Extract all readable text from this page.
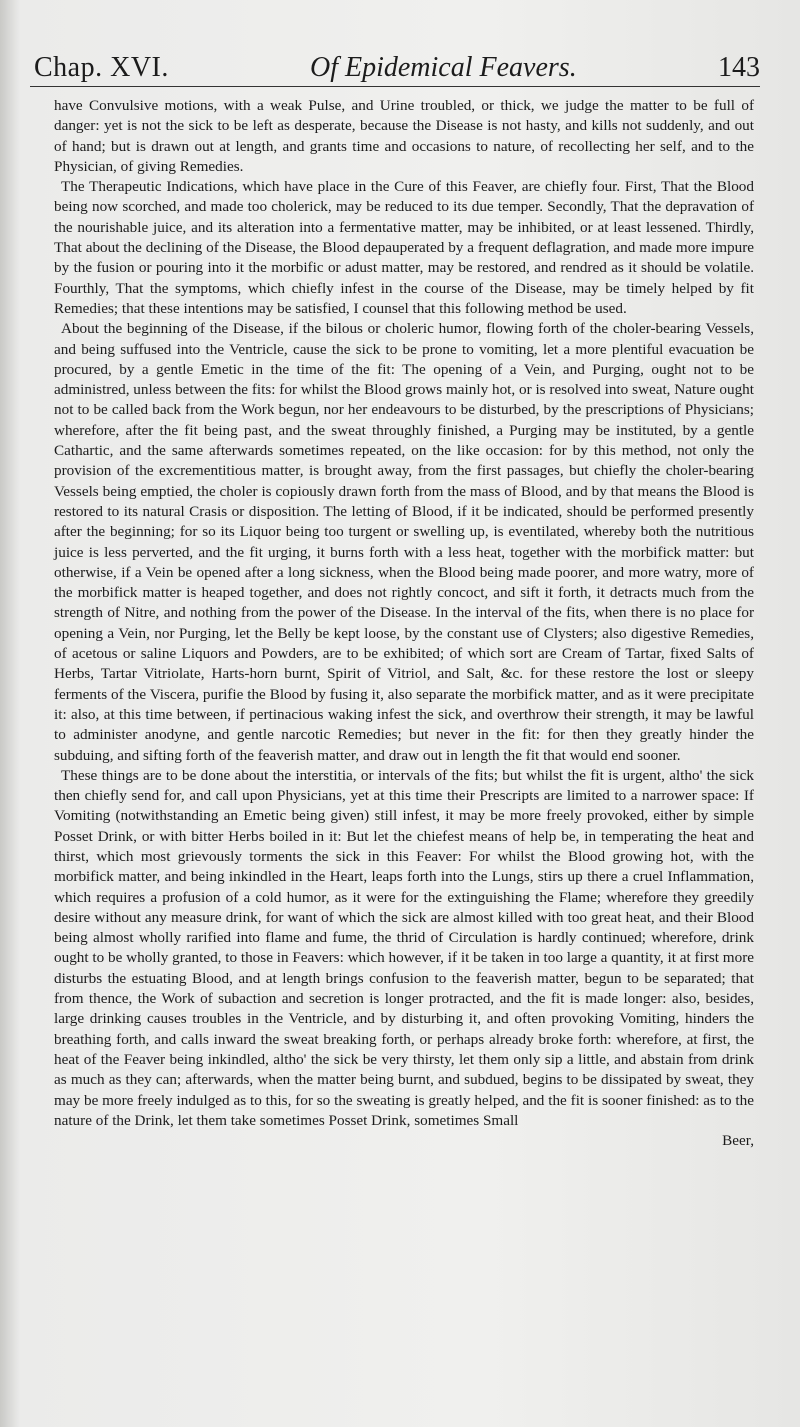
Chap. XVI.	Of Epidemical Feavers.	143

have Convulsive motions, with a weak Pulse, and Urine troubled, or thick, we judge the matter to be full of danger: yet is not the sick to be left as desperate, because the Disease is not hasty, and kills not suddenly, and out of hand; but is drawn out at length, and grants time and occasions to nature, of recollecting her self, and to the Physician, of giving Remedies.

The Therapeutic Indications, which have place in the Cure of this Feaver, are chiefly four. First, That the Blood being now scorched, and made too cholerick, may be reduced to its due temper. Secondly, That the depravation of the nourishable juice, and its alteration into a fermentative matter, may be inhibited, or at least lessened. Thirdly, That about the declining of the Disease, the Blood depauperated by a frequent deflagration, and made more impure by the fusion or pouring into it the morbific or adust matter, may be restored, and rendred as it should be volatile. Fourthly, That the symptoms, which chiefly infest in the course of the Disease, may be timely helped by fit Remedies; that these intentions may be satisfied, I counsel that this following method be used.

About the beginning of the Disease, if the bilous or choleric humor, flowing forth of the choler-bearing Vessels, and being suffused into the Ventricle, cause the sick to be prone to vomiting, let a more plentiful evacuation be procured, by a gentle Emetic in the time of the fit: The opening of a Vein, and Purging, ought not to be administred, unless between the fits: for whilst the Blood grows mainly hot, or is resolved into sweat, Nature ought not to be called back from the Work begun, nor her endeavours to be disturbed, by the prescriptions of Physicians; wherefore, after the fit being past, and the sweat throughly finished, a Purging may be instituted, by a gentle Cathartic, and the same afterwards sometimes repeated, on the like occasion: for by this method, not only the provision of the excrementitious matter, is brought away, from the first passages, but chiefly the choler-bearing Vessels being emptied, the choler is copiously drawn forth from the mass of Blood, and by that means the Blood is restored to its natural Crasis or disposition. The letting of Blood, if it be indicated, should be performed presently after the beginning; for so its Liquor being too turgent or swelling up, is eventilated, whereby both the nutritious juice is less perverted, and the fit urging, it burns forth with a less heat, together with the morbifick matter: but otherwise, if a Vein be opened after a long sickness, when the Blood being made poorer, and more watry, more of the morbifick matter is heaped together, and does not rightly concoct, and sift it forth, it detracts much from the strength of Nitre, and nothing from the power of the Disease. In the interval of the fits, when there is no place for opening a Vein, nor Purging, let the Belly be kept loose, by the constant use of Clysters; also digestive Remedies, of acetous or saline Liquors and Powders, are to be exhibited; of which sort are Cream of Tartar, fixed Salts of Herbs, Tartar Vitriolate, Harts-horn burnt, Spirit of Vitriol, and Salt, &c. for these restore the lost or sleepy ferments of the Viscera, purifie the Blood by fusing it, also separate the morbifick matter, and as it were precipitate it: also, at this time between, if pertinacious waking infest the sick, and overthrow their strength, it may be lawful to administer anodyne, and gentle narcotic Remedies; but never in the fit: for then they greatly hinder the subduing, and sifting forth of the feaverish matter, and draw out in length the fit that would end sooner.

These things are to be done about the interstitia, or intervals of the fits; but whilst the fit is urgent, altho' the sick then chiefly send for, and call upon Physicians, yet at this time their Prescripts are limited to a narrower space: If Vomiting (notwithstanding an Emetic being given) still infest, it may be more freely provoked, either by simple Posset Drink, or with bitter Herbs boiled in it: But let the chiefest means of help be, in temperating the heat and thirst, which most grievously torments the sick in this Feaver: For whilst the Blood growing hot, with the morbifick matter, and being inkindled in the Heart, leaps forth into the Lungs, stirs up there a cruel Inflammation, which requires a profusion of a cold humor, as it were for the extinguishing the Flame; wherefore they greedily desire without any measure drink, for want of which the sick are almost killed with too great heat, and their Blood being almost wholly rarified into flame and fume, the thrid of Circulation is hardly continued; wherefore, drink ought to be wholly granted, to those in Feavers: which however, if it be taken in too large a quantity, it at first more disturbs the estuating Blood, and at length brings confusion to the feaverish matter, begun to be separated; that from thence, the Work of subaction and secretion is longer protracted, and the fit is made longer: also, besides, large drinking causes troubles in the Ventricle, and by disturbing it, and often provoking Vomiting, hinders the breathing forth, and calls inward the sweat breaking forth, or perhaps already broke forth: wherefore, at first, the heat of the Feaver being inkindled, altho' the sick be very thirsty, let them only sip a little, and abstain from drink as much as they can; afterwards, when the matter being burnt, and subdued, begins to be dissipated by sweat, they may be more freely indulged as to this, for so the sweating is greatly helped, and the fit is sooner finished: as to the nature of the Drink, let them take sometimes Posset Drink, sometimes Small

Beer,
